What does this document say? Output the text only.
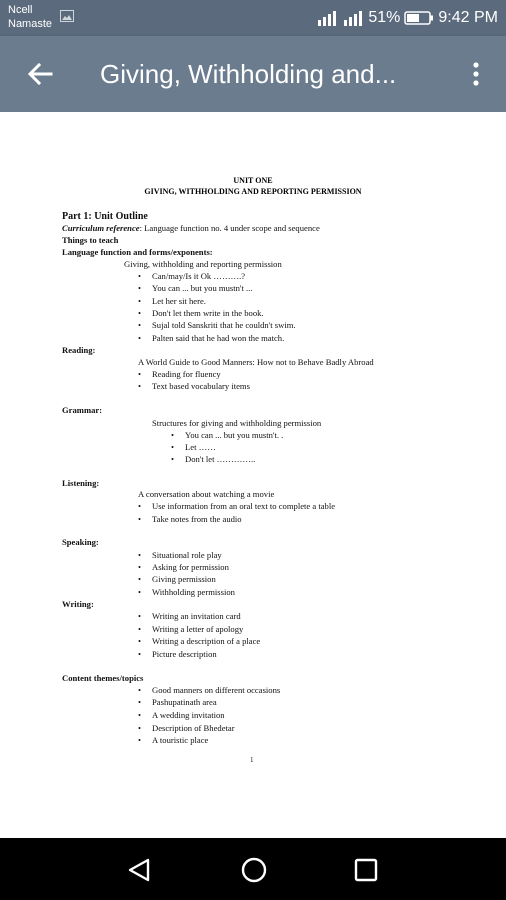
Ncell
Namaste	51% 9:42 PM
Giving, Withholding and...
UNIT ONE
GIVING, WITHHOLDING AND REPORTING PERMISSION
Part 1: Unit Outline
Curriculum reference: Language function no. 4 under scope and sequence
Things to teach
Language function and forms/exponents:
Giving, withholding and reporting permission
• Can/may/Is it Ok ……….?
• You can ... but you mustn't ...
• Let her sit here.
• Don't let them write in the book.
• Sujal told Sanskriti that he couldn't swim.
• Palten said that he had won the match.
Reading:
A World Guide to Good Manners: How not to Behave Badly Abroad
• Reading for fluency
• Text based vocabulary items
Grammar:
Structures for giving and withholding permission
• You can ... but you mustn't. .
• Let ……
• Don't let …………..
Listening:
A conversation about watching a movie
• Use information from an oral text to complete a table
• Take notes from the audio
Speaking:
• Situational role play
• Asking for permission
• Giving permission
• Withholding permission
Writing:
• Writing an invitation card
• Writing a letter of apology
• Writing a description of a place
• Picture description
Content themes/topics
• Good manners on different occasions
• Pashupatinath area
• A wedding invitation
• Description of Bhedetar
• A touristic place
1
